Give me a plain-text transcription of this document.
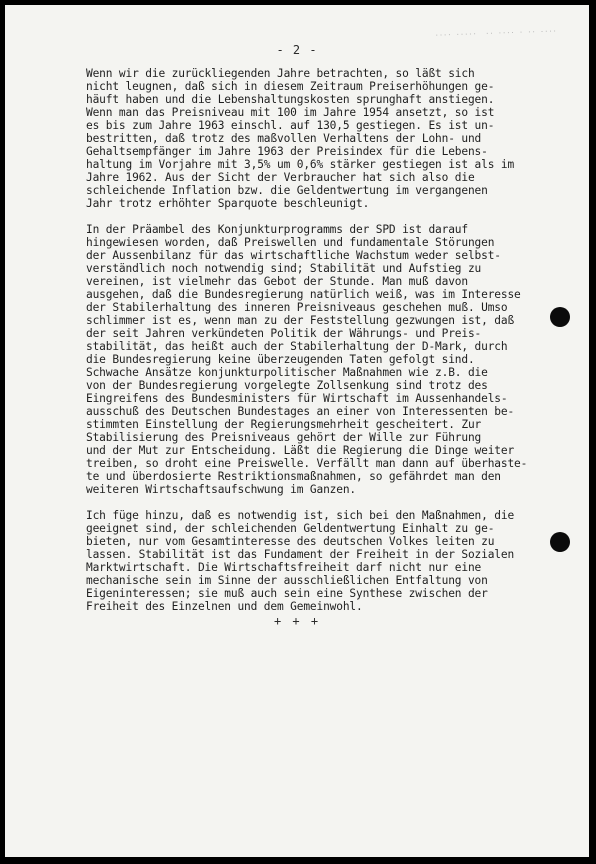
···· ·····  ·· ···· · ·· ····
- 2 -
Wenn wir die zurückliegenden Jahre betrachten, so läßt sich
nicht leugnen, daß sich in diesem Zeitraum Preiserhöhungen ge-
häuft haben und die Lebenshaltungskosten sprunghaft anstiegen.
Wenn man das Preisniveau mit 100 im Jahre 1954 ansetzt, so ist
es bis zum Jahre 1963 einschl. auf 130,5 gestiegen. Es ist un-
bestritten, daß trotz des maßvollen Verhaltens der Lohn- und
Gehaltsempfänger im Jahre 1963 der Preisindex für die Lebens-
haltung im Vorjahre mit 3,5% um 0,6% stärker gestiegen ist als im
Jahre 1962. Aus der Sicht der Verbraucher hat sich also die
schleichende Inflation bzw. die Geldentwertung im vergangenen
Jahr trotz erhöhter Sparquote beschleunigt.
In der Präambel des Konjunkturprogramms der SPD ist darauf
hingewiesen worden, daß Preiswellen und fundamentale Störungen
der Aussenbilanz für das wirtschaftliche Wachstum weder selbst-
verständlich noch notwendig sind; Stabilität und Aufstieg zu
vereinen, ist vielmehr das Gebot der Stunde. Man muß davon
ausgehen, daß die Bundesregierung natürlich weiß, was im Interesse
der Stabilerhaltung des inneren Preisniveaus geschehen muß. Umso
schlimmer ist es, wenn man zu der Feststellung gezwungen ist, daß
der seit Jahren verkündeten Politik der Währungs- und Preis-
stabilität, das heißt auch der Stabilerhaltung der D-Mark, durch
die Bundesregierung keine überzeugenden Taten gefolgt sind.
Schwache Ansätze konjunkturpolitischer Maßnahmen wie z.B. die
von der Bundesregierung vorgelegte Zollsenkung sind trotz des
Eingreifens des Bundesministers für Wirtschaft im Aussenhandels-
ausschuß des Deutschen Bundestages an einer von Interessenten be-
stimmten Einstellung der Regierungsmehrheit gescheitert. Zur
Stabilisierung des Preisniveaus gehört der Wille zur Führung
und der Mut zur Entscheidung. Läßt die Regierung die Dinge weiter
treiben, so droht eine Preiswelle. Verfällt man dann auf überhaste-
te und überdosierte Restriktionsmaßnahmen, so gefährdet man den
weiteren Wirtschaftsaufschwung im Ganzen.
Ich füge hinzu, daß es notwendig ist, sich bei den Maßnahmen, die
geeignet sind, der schleichenden Geldentwertung Einhalt zu ge-
bieten, nur vom Gesamtinteresse des deutschen Volkes leiten zu
lassen. Stabilität ist das Fundament der Freiheit in der Sozialen
Marktwirtschaft. Die Wirtschaftsfreiheit darf nicht nur eine
mechanische sein im Sinne der ausschließlichen Entfaltung von
Eigeninteressen; sie muß auch sein eine Synthese zwischen der
Freiheit des Einzelnen und dem Gemeinwohl.
+ + +
